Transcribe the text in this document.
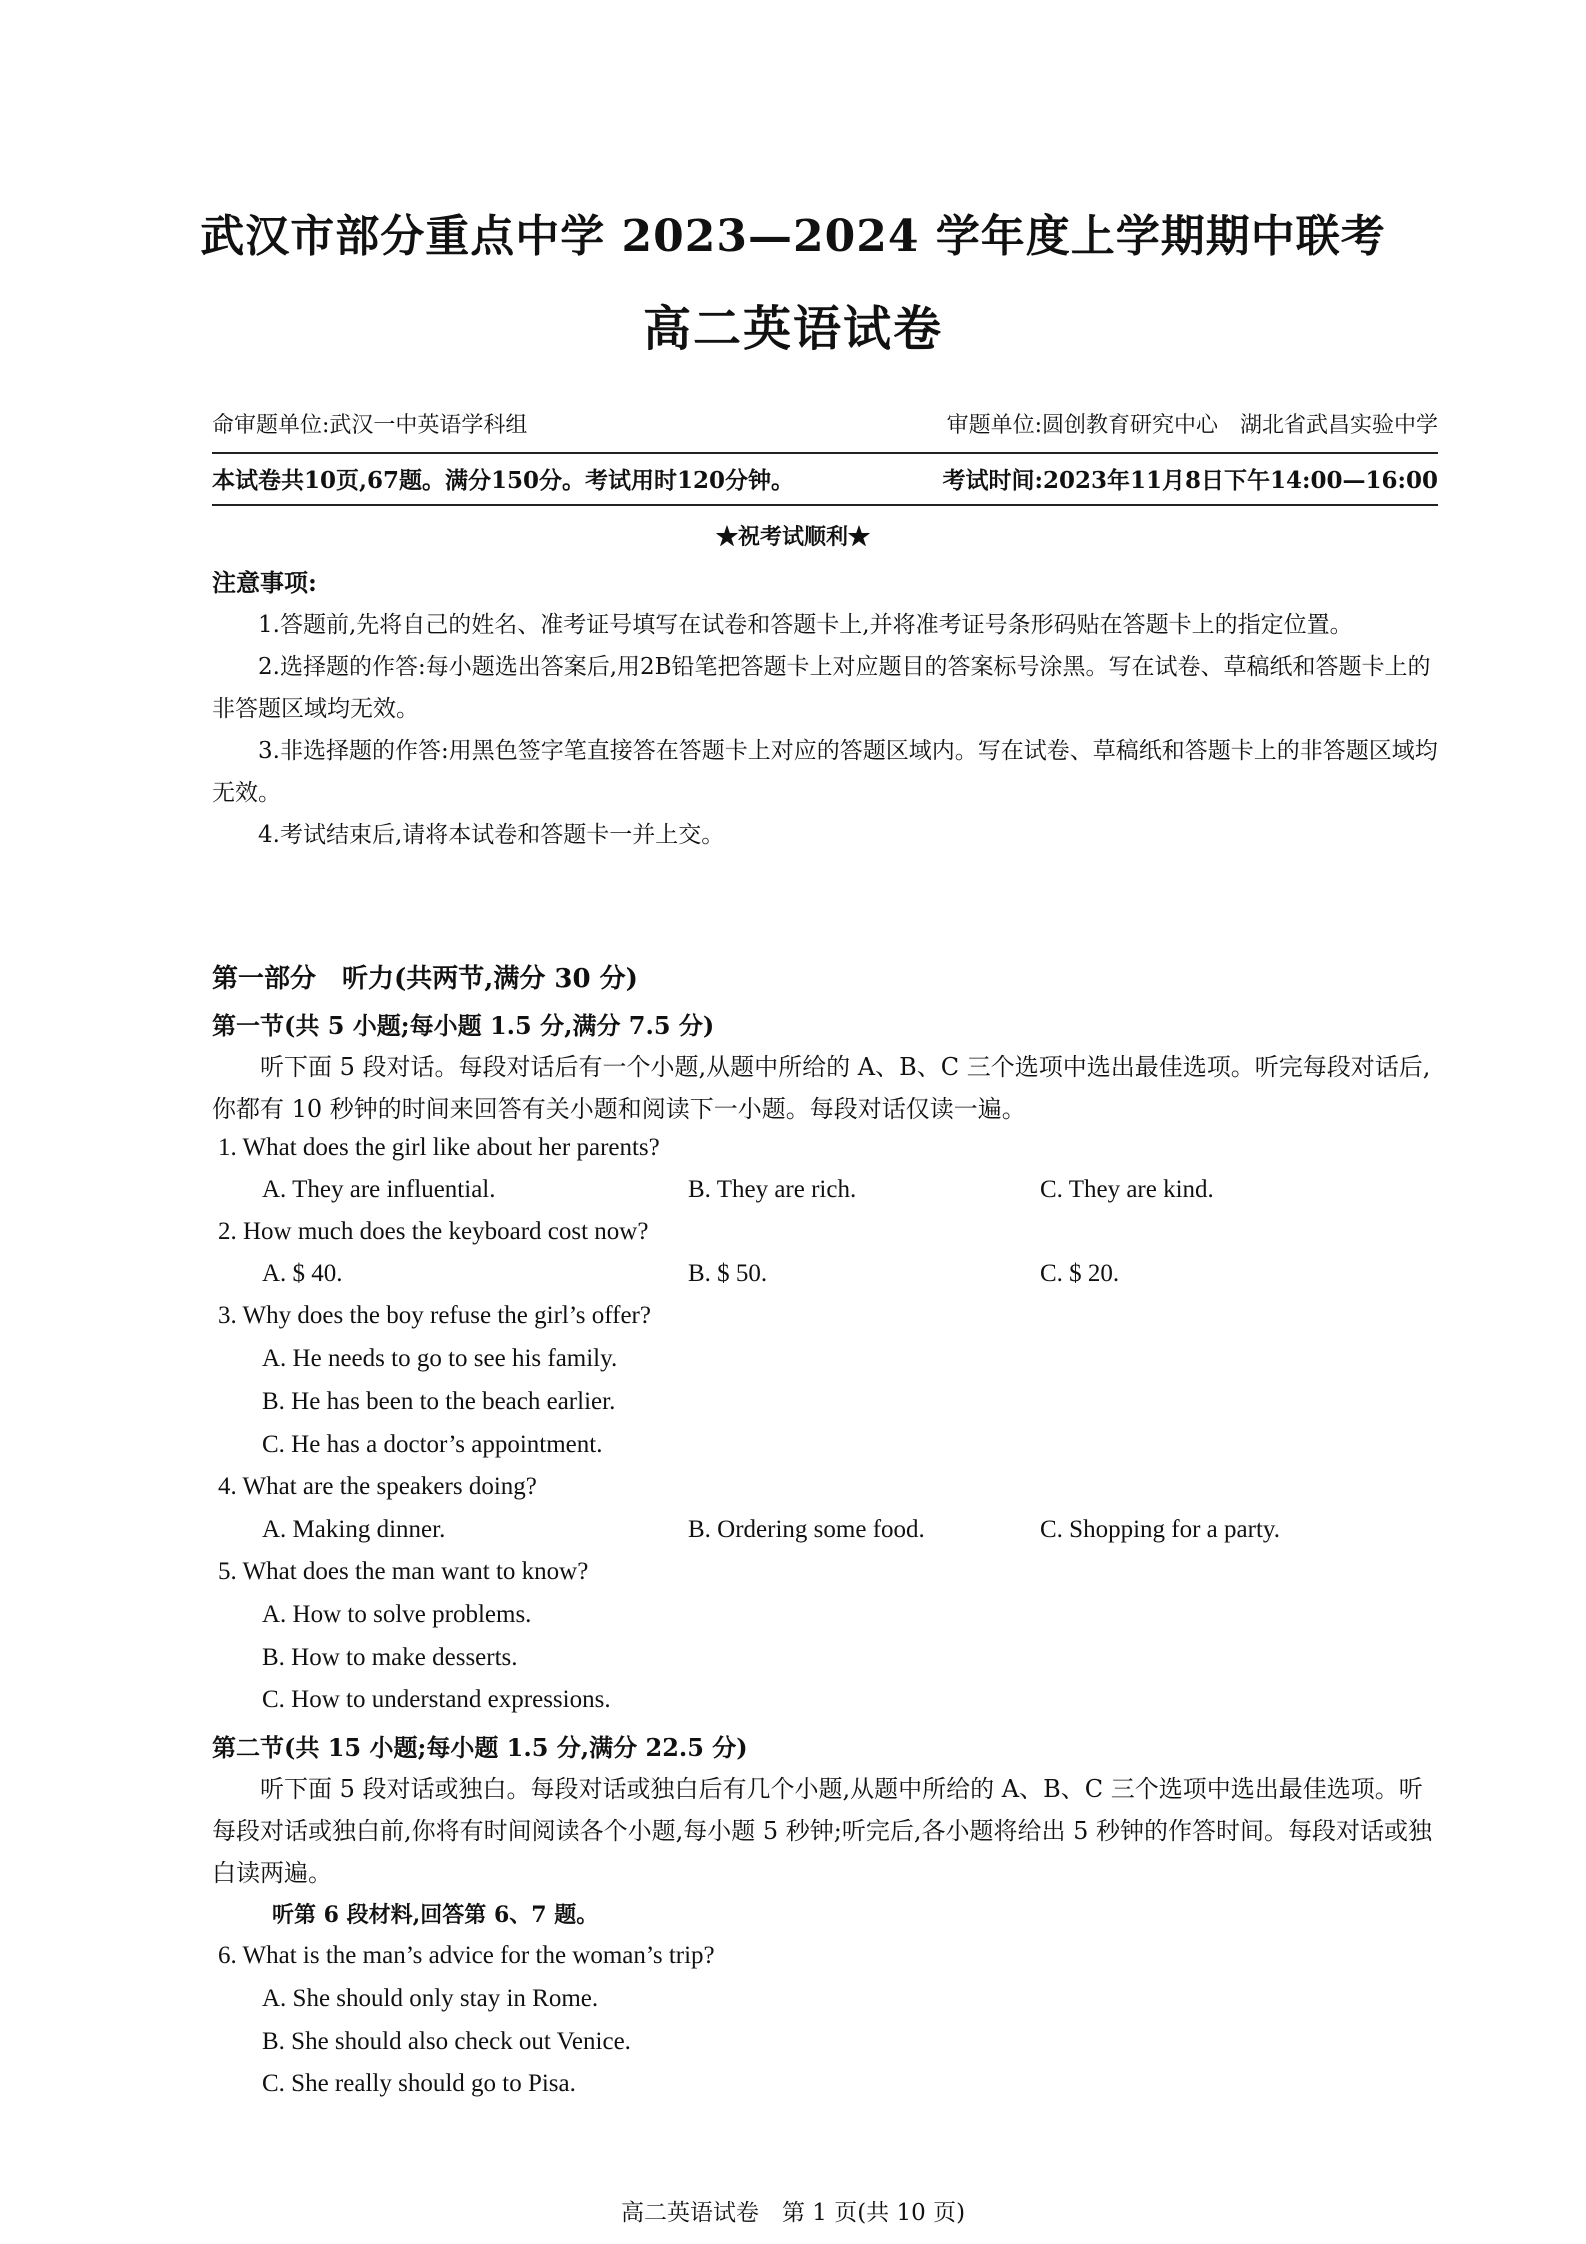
武汉市部分重点中学 2023—2024 学年度上学期期中联考
高二英语试卷
命审题单位:武汉一中英语学科组	审题单位:圆创教育研究中心　湖北省武昌实验中学
本试卷共10页,67题。满分150分。考试用时120分钟。	考试时间:2023年11月8日下午14:00—16:00
★祝考试顺利★
注意事项:
1.答题前,先将自己的姓名、准考证号填写在试卷和答题卡上,并将准考证号条形码贴在答题卡上的指定位置。
2.选择题的作答:每小题选出答案后,用2B铅笔把答题卡上对应题目的答案标号涂黑。写在试卷、草稿纸和答题卡上的非答题区域均无效。
3.非选择题的作答:用黑色签字笔直接答在答题卡上对应的答题区域内。写在试卷、草稿纸和答题卡上的非答题区域均无效。
4.考试结束后,请将本试卷和答题卡一并上交。
第一部分　听力(共两节,满分 30 分)
第一节(共 5 小题;每小题 1.5 分,满分 7.5 分)
听下面 5 段对话。每段对话后有一个小题,从题中所给的 A、B、C 三个选项中选出最佳选项。听完每段对话后,你都有 10 秒钟的时间来回答有关小题和阅读下一小题。每段对话仅读一遍。
1. What does the girl like about her parents?
A. They are influential.	B. They are rich.	C. They are kind.
2. How much does the keyboard cost now?
A. $ 40.	B. $ 50.	C. $ 20.
3. Why does the boy refuse the girl’s offer?
A. He needs to go to see his family.
B. He has been to the beach earlier.
C. He has a doctor’s appointment.
4. What are the speakers doing?
A. Making dinner.	B. Ordering some food.	C. Shopping for a party.
5. What does the man want to know?
A. How to solve problems.
B. How to make desserts.
C. How to understand expressions.
第二节(共 15 小题;每小题 1.5 分,满分 22.5 分)
听下面 5 段对话或独白。每段对话或独白后有几个小题,从题中所给的 A、B、C 三个选项中选出最佳选项。听每段对话或独白前,你将有时间阅读各个小题,每小题 5 秒钟;听完后,各小题将给出 5 秒钟的作答时间。每段对话或独白读两遍。
听第 6 段材料,回答第 6、7 题。
6. What is the man’s advice for the woman’s trip?
A. She should only stay in Rome.
B. She should also check out Venice.
C. She really should go to Pisa.
高二英语试卷　第 1 页(共 10 页)
